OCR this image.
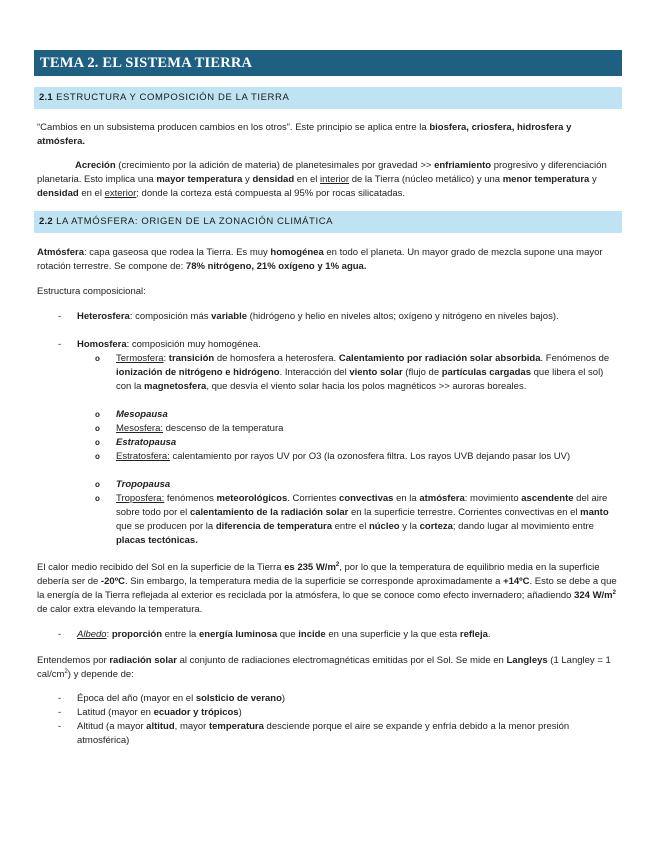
TEMA 2. EL SISTEMA TIERRA
2.1 ESTRUCTURA Y COMPOSICIÓN DE LA TIERRA

“Cambios en un subsistema producen cambios en los otros”. Este principio se aplica entre la biosfera, criosfera, hidrosfera y atmósfera.

Acreción (crecimiento por la adición de materia) de planetesimales por gravedad >> enfriamiento progresivo y diferenciación planetaria. Esto implica una mayor temperatura y densidad en el interior de la Tierra (núcleo metálico) y una menor temperatura y densidad en el exterior; donde la corteza está compuesta al 95% por rocas silicatadas.

2.2 LA ATMÓSFERA: ORIGEN DE LA ZONACIÓN CLIMÁTICA

Atmósfera: capa gaseosa que rodea la Tierra. Es muy homogénea en todo el planeta. Un mayor grado de mezcla supone una mayor rotación terrestre. Se compone de: 78% nitrógeno, 21% oxígeno y 1% agua.

Estructura composicional:

- Heterosfera: composición más variable (hidrógeno y helio en niveles altos; oxígeno y nitrógeno en niveles bajos).
- Homosfera: composición muy homogénea.
o Termosfera: transición de homosfera a heterosfera. Calentamiento por radiación solar absorbida. Fenómenos de ionización de nitrógeno e hidrógeno. Interacción del viento solar (flujo de partículas cargadas que libera el sol) con la magnetosfera, que desvía el viento solar hacia los polos magnéticos >> auroras boreales.
o Mesopausa
o Mesosfera: descenso de la temperatura
o Estratopausa
o Estratosfera: calentamiento por rayos UV por O3 (la ozonosfera filtra. Los rayos UVB dejando pasar los UV)
o Tropopausa
o Troposfera: fenómenos meteorológicos. Corrientes convectivas en la atmósfera: movimiento ascendente del aire sobre todo por el calentamiento de la radiación solar en la superficie terrestre. Corrientes convectivas en el manto que se producen por la diferencia de temperatura entre el núcleo y la corteza; dando lugar al movimiento entre placas tectónicas.

El calor medio recibido del Sol en la superficie de la Tierra es 235 $W/m^2$, por lo que la temperatura de equilibrio media en la superficie debería ser de -20ºC. Sin embargo, la temperatura media de la superficie se corresponde aproximadamente a +14ºC. Esto se debe a que la energía de la Tierra reflejada al exterior es reciclada por la atmósfera, lo que se conoce como efecto invernadero; añadiendo 324 $W/m^2$ de calor extra elevando la temperatura.

- Albedo: proporción entre la energía luminosa que incide en una superficie y la que esta refleja.

Entendemos por radiación solar al conjunto de radiaciones electromagnéticas emitidas por el Sol. Se mide en Langleys (1 Langley = 1 cal/$cm^2$) y depende de:

- Época del año (mayor en el solsticio de verano)
- Latitud (mayor en ecuador y trópicos)
- Altitud (a mayor altitud, mayor temperatura desciende porque el aire se expande y enfría debido a la menor presión atmosférica)
